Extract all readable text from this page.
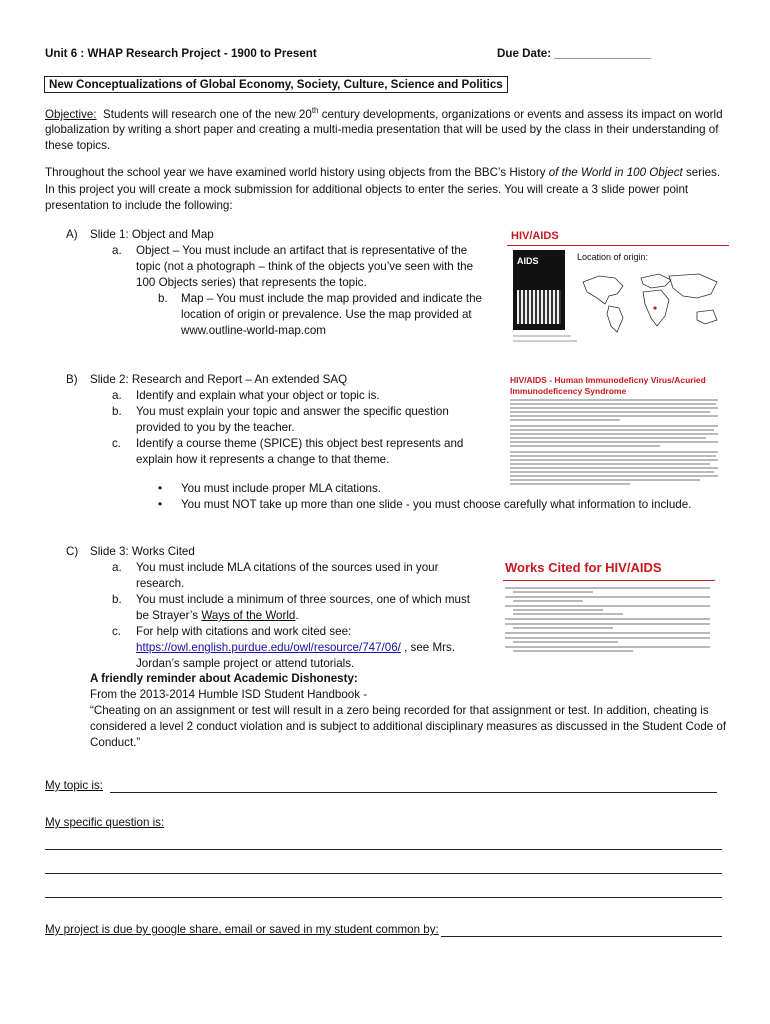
Unit 6 : WHAP Research Project - 1900 to Present	Due Date: _______________
New Conceptualizations of Global Economy, Society, Culture, Science and Politics
Objective: Students will research one of the new 20th century developments, organizations or events and assess its impact on world
globalization by writing a short paper and creating a multi-media presentation that will be used by the class in their understanding of
these topics.
Throughout the school year we have examined world history using objects from the BBC’s History of the World in 100 Object series.
In this project you will create a mock submission for additional objects to enter the series. You will create a 3 slide power point
presentation to include the following:
A) Slide 1: Object and Map
a. Object – You must include an artifact that is representative of the
topic (not a photograph – think of the objects you’ve seen with the
100 Objects series) that represents the topic.
b. Map – You must include the map provided and indicate the
location of origin or prevalence. Use the map provided at
www.outline-world-map.com
HIV/AIDS
AIDS	Location of origin:
B) Slide 2: Research and Report – An extended SAQ
a. Identify and explain what your object or topic is.
b. You must explain your topic and answer the specific question
provided to you by the teacher.
c. Identify a course theme (SPICE) this object best represents and
explain how it represents a change to that theme.
• You must include proper MLA citations.
• You must NOT take up more than one slide - you must choose carefully what information to include.
HIV/AIDS - Human Immunodeficny Virus/Acuried
Immunodeficency Syndrome
C) Slide 3: Works Cited
a. You must include MLA citations of the sources used in your
research.
b. You must include a minimum of three sources, one of which must
be Strayer’s Ways of the World.
c. For help with citations and work cited see:
https://owl.english.purdue.edu/owl/resource/747/06/ , see Mrs.
Jordan’s sample project or attend tutorials.
Works Cited for HIV/AIDS
A friendly reminder about Academic Dishonesty:
From the 2013-2014 Humble ISD Student Handbook -
“Cheating on an assignment or test will result in a zero being recorded for that assignment or test. In addition, cheating is
considered a level 2 conduct violation and is subject to additional disciplinary measures as discussed in the Student Code of
Conduct.”
My topic is:
My specific question is:
My project is due by google share, email or saved in my student common by:
